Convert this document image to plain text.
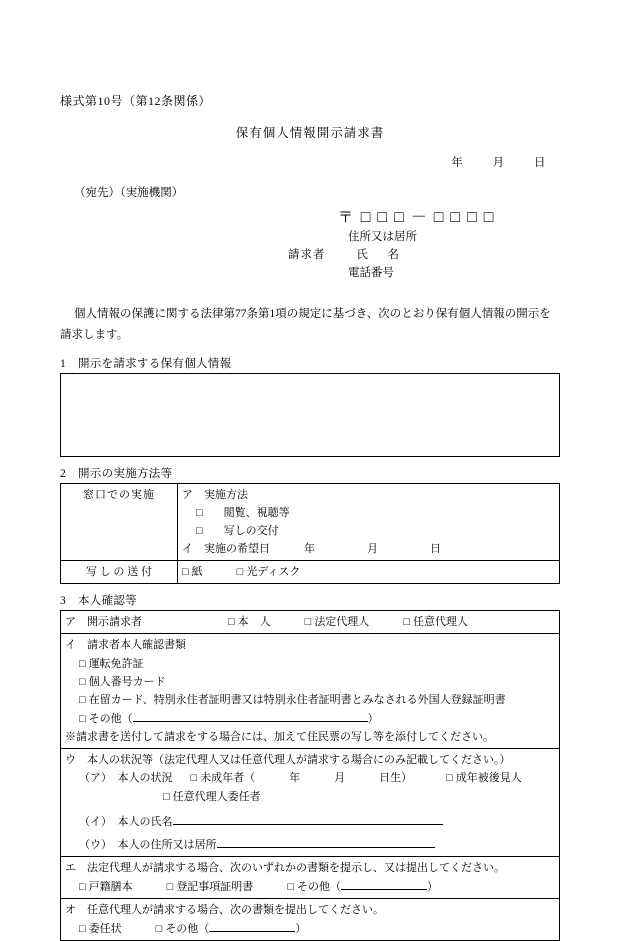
様式第10号（第12条関係）
保有個人情報開示請求書
年	月	日
（宛先）（実施機関）
〒 □□□－□□□□
住所又は居所
請求者	氏　名
電話番号
個人情報の保護に関する法律第77条第1項の規定に基づき、次のとおり保有個人情報の開示を請求します。
1 開示を請求する保有個人情報
2 開示の実施方法等
窓口での実施	ア　実施方法
□ 閲覧、視聴等
□ 写しの交付
イ　実施の希望日 年 月 日
写 し の 送 付	□ 紙 □ 光ディスク
3 本人確認等
ア　開示請求者	□ 本　人	□ 法定代理人	□ 任意代理人
イ　請求者本人確認書類
□ 運転免許証
□ 個人番号カード
□ 在留カード、特別永住者証明書又は特別永住者証明書とみなされる外国人登録証明書
□ その他（	）
※請求書を送付して請求をする場合には、加えて住民票の写し等を添付してください。
ウ　本人の状況等（法定代理人又は任意代理人が請求する場合にのみ記載してください。）
（ア）　本人の状況 □ 未成年者（	年	月	日生）	□ 成年被後見人
□ 任意代理人委任者
（イ）　本人の氏名
（ウ）　本人の住所又は居所

エ　法定代理人が請求する場合、次のいずれかの書類を提示し、又は提出してください。
□ 戸籍膳本	□ 登記事項証明書	□ その他（	）

オ　任意代理人が請求する場合、次の書類を提出してください。
□ 委任状	□ その他（	）
